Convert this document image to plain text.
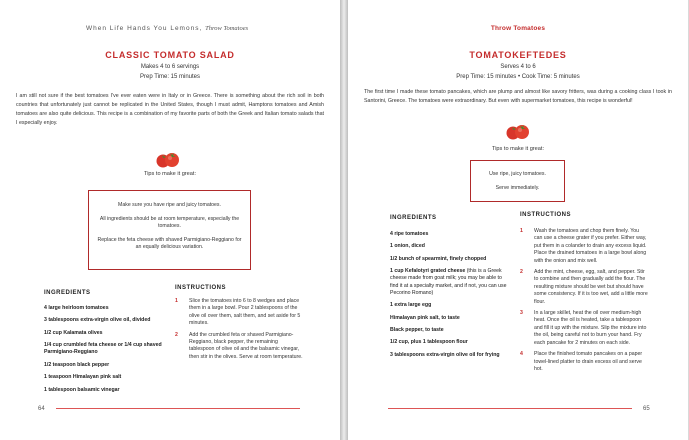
When Life Hands You Lemons, Throw Tomatoes
CLASSIC TOMATO SALAD
Makes 4 to 6 servings
Prep Time: 15 minutes
I am still not sure if the best tomatoes I've ever eaten were in Italy or in Greece. There is something about the rich soil in both countries that unfortunately just cannot be replicated in the United States, though I must admit, Hamptons tomatoes and Amish tomatoes are also quite delicious. This recipe is a combination of my favorite parts of both the Greek and Italian tomato salads that I especially enjoy.
Tips to make it great:

Make sure you have ripe and juicy tomatoes.

All ingredients should be at room temperature, especially the tomatoes.

Replace the feta cheese with shaved Parmigiano-Reggiano for an equally delicious variation.

INGREDIENTS
4 large heirloom tomatoes
3 tablespoons extra-virgin olive oil, divided
1/2 cup Kalamata olives
1/4 cup crumbled feta cheese or 1/4 cup shaved Parmigiano-Reggiano
1/2 teaspoon black pepper
1 teaspoon Himalayan pink salt
1 tablespoon balsamic vinegar
INSTRUCTIONS
1 Slice the tomatoes into 6 to 8 wedges and place them in a large bowl. Pour 2 tablespoons of the olive oil over them, salt them, and set aside for 5 minutes.
2 Add the crumbled feta or shaved Parmigiano-Reggiano, black pepper, the remaining tablespoon of olive oil and the balsamic vinegar, then stir in the olives. Serve at room temperature.
64
Throw Tomatoes
TOMATOKEFTEDES
Serves 4 to 6
Prep Time: 15 minutes • Cook Time: 5 minutes
The first time I made these tomato pancakes, which are plump and almost like savory fritters, was during a cooking class I took in Santorini, Greece. The tomatoes were extraordinary. But even with supermarket tomatoes, this recipe is wonderful!
Tips to make it great:

Use ripe, juicy tomatoes.

Serve immediately.

INGREDIENTS
4 ripe tomatoes
1 onion, diced
1/2 bunch of spearmint, finely chopped
1 cup Kefalotyri grated cheese (this is a Greek cheese made from goat milk; you may be able to find it at a specialty market, and if not, you can use Pecorino Romano)
1 extra large egg
Himalayan pink salt, to taste
Black pepper, to taste
1/2 cup, plus 1 tablespoon flour
3 tablespoons extra-virgin olive oil for frying
INSTRUCTIONS
1 Wash the tomatoes and chop them finely. You can use a cheese grater if you prefer. Either way, put them in a colander to drain any excess liquid. Place the drained tomatoes in a large bowl along with the onion and mix well.
2 Add the mint, cheese, egg, salt, and pepper. Stir to combine and then gradually add the flour. The resulting mixture should be wet but should have some consistency. If it is too wet, add a little more flour.
3 In a large skillet, heat the oil over medium-high heat. Once the oil is heated, take a tablespoon and fill it up with the mixture. Slip the mixture into the oil, being careful not to burn your hand. Fry each pancake for 2 minutes on each side.
4 Place the finished tomato pancakes on a paper towel-lined platter to drain excess oil and serve hot.
65
